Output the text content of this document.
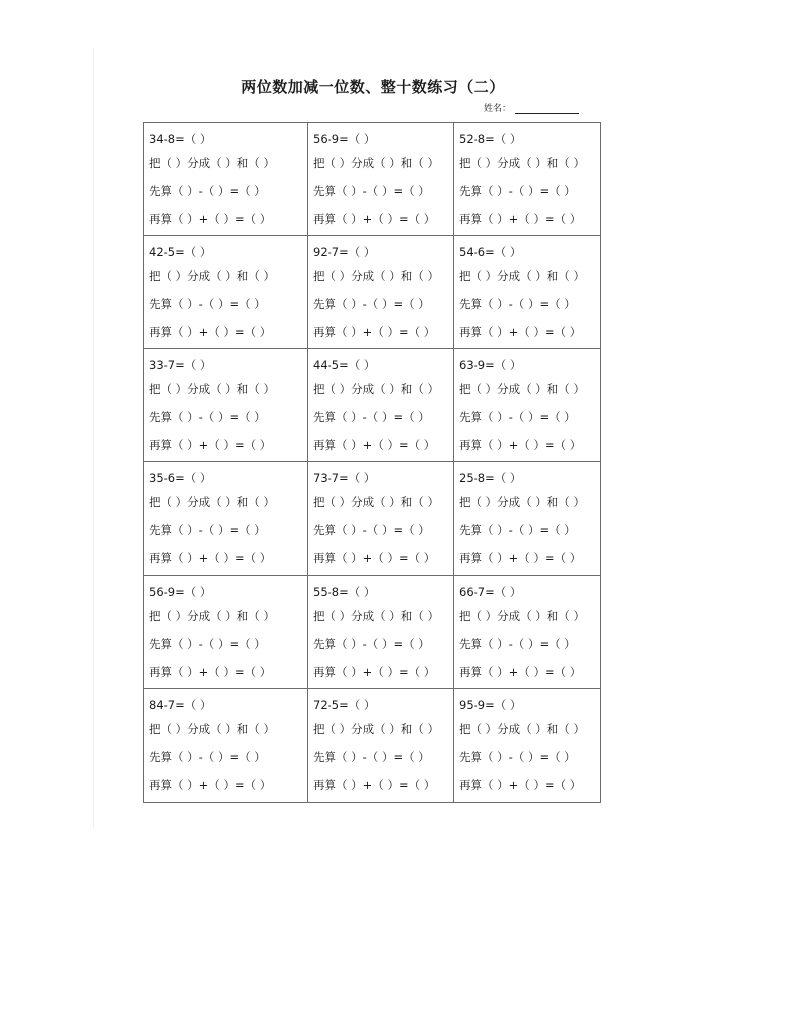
两位数加减一位数、整十数练习（二）
姓名：
34-8=（ ）
把（ ）分成（ ）和（ ）
先算（ ）-（ ）=（ ）
再算（ ）+（ ）=（ ）
56-9=（ ）
把（ ）分成（ ）和（ ）
先算（ ）-（ ）=（ ）
再算（ ）+（ ）=（ ）
52-8=（ ）
把（ ）分成（ ）和（ ）
先算（ ）-（ ）=（ ）
再算（ ）+（ ）=（ ）
42-5=（ ）
把（ ）分成（ ）和（ ）
先算（ ）-（ ）=（ ）
再算（ ）+（ ）=（ ）
92-7=（ ）
把（ ）分成（ ）和（ ）
先算（ ）-（ ）=（ ）
再算（ ）+（ ）=（ ）
54-6=（ ）
把（ ）分成（ ）和（ ）
先算（ ）-（ ）=（ ）
再算（ ）+（ ）=（ ）
33-7=（ ）
把（ ）分成（ ）和（ ）
先算（ ）-（ ）=（ ）
再算（ ）+（ ）=（ ）
44-5=（ ）
把（ ）分成（ ）和（ ）
先算（ ）-（ ）=（ ）
再算（ ）+（ ）=（ ）
63-9=（ ）
把（ ）分成（ ）和（ ）
先算（ ）-（ ）=（ ）
再算（ ）+（ ）=（ ）
35-6=（ ）
把（ ）分成（ ）和（ ）
先算（ ）-（ ）=（ ）
再算（ ）+（ ）=（ ）
73-7=（ ）
把（ ）分成（ ）和（ ）
先算（ ）-（ ）=（ ）
再算（ ）+（ ）=（ ）
25-8=（ ）
把（ ）分成（ ）和（ ）
先算（ ）-（ ）=（ ）
再算（ ）+（ ）=（ ）
56-9=（ ）
把（ ）分成（ ）和（ ）
先算（ ）-（ ）=（ ）
再算（ ）+（ ）=（ ）
55-8=（ ）
把（ ）分成（ ）和（ ）
先算（ ）-（ ）=（ ）
再算（ ）+（ ）=（ ）
66-7=（ ）
把（ ）分成（ ）和（ ）
先算（ ）-（ ）=（ ）
再算（ ）+（ ）=（ ）
84-7=（ ）
把（ ）分成（ ）和（ ）
先算（ ）-（ ）=（ ）
再算（ ）+（ ）=（ ）
72-5=（ ）
把（ ）分成（ ）和（ ）
先算（ ）-（ ）=（ ）
再算（ ）+（ ）=（ ）
95-9=（ ）
把（ ）分成（ ）和（ ）
先算（ ）-（ ）=（ ）
再算（ ）+（ ）=（ ）
